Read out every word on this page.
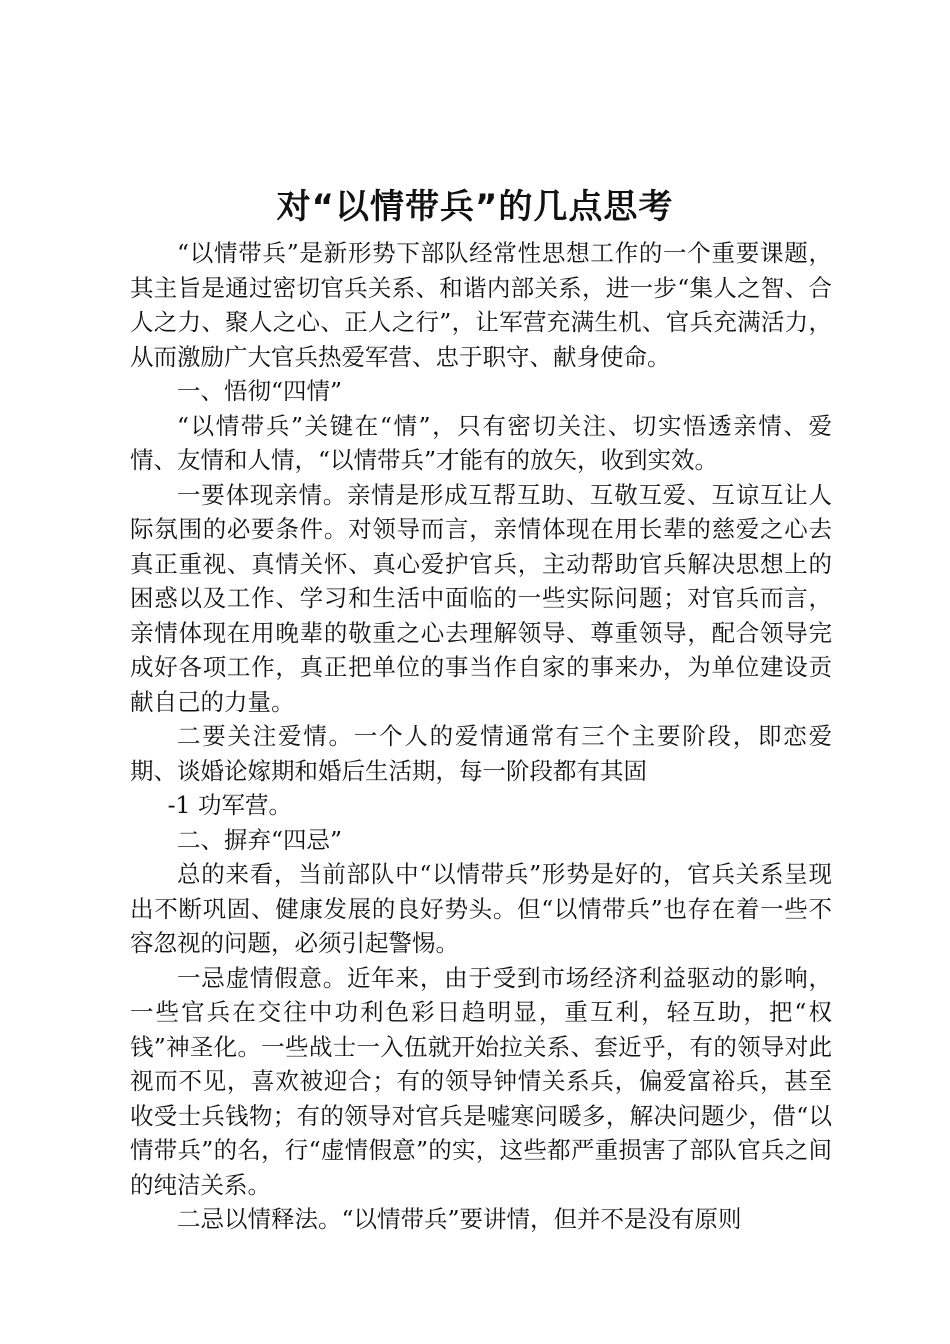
对“以情带兵”的几点思考

“以情带兵”是新形势下部队经常性思想工作的一个重要课题，其主旨是通过密切官兵关系、和谐内部关系，进一步“集人之智、合人之力、聚人之心、正人之行”，让军营充满生机、官兵充满活力，从而激励广大官兵热爱军营、忠于职守、献身使命。

一、悟彻“四情”

“以情带兵”关键在“情”，只有密切关注、切实悟透亲情、爱情、友情和人情，“以情带兵”才能有的放矢，收到实效。

一要体现亲情。亲情是形成互帮互助、互敬互爱、互谅互让人际氛围的必要条件。对领导而言，亲情体现在用长辈的慈爱之心去真正重视、真情关怀、真心爱护官兵，主动帮助官兵解决思想上的困惑以及工作、学习和生活中面临的一些实际问题；对官兵而言，亲情体现在用晚辈的敬重之心去理解领导、尊重领导，配合领导完成好各项工作，真正把单位的事当作自家的事来办，为单位建设贡献自己的力量。

二要关注爱情。一个人的爱情通常有三个主要阶段，即恋爱期、谈婚论嫁期和婚后生活期，每一阶段都有其固

-1 功军营。

二、摒弃“四忌”

总的来看，当前部队中“以情带兵”形势是好的，官兵关系呈现出不断巩固、健康发展的良好势头。但“以情带兵”也存在着一些不容忽视的问题，必须引起警惕。

一忌虚情假意。近年来，由于受到市场经济利益驱动的影响，一些官兵在交往中功利色彩日趋明显，重互利，轻互助，把“权钱”神圣化。一些战士一入伍就开始拉关系、套近乎，有的领导对此视而不见，喜欢被迎合；有的领导钟情关系兵，偏爱富裕兵，甚至收受士兵钱物；有的领导对官兵是嘘寒问暖多，解决问题少，借“以情带兵”的名，行“虚情假意”的实，这些都严重损害了部队官兵之间的纯洁关系。

二忌以情释法。“以情带兵”要讲情，但并不是没有原则
